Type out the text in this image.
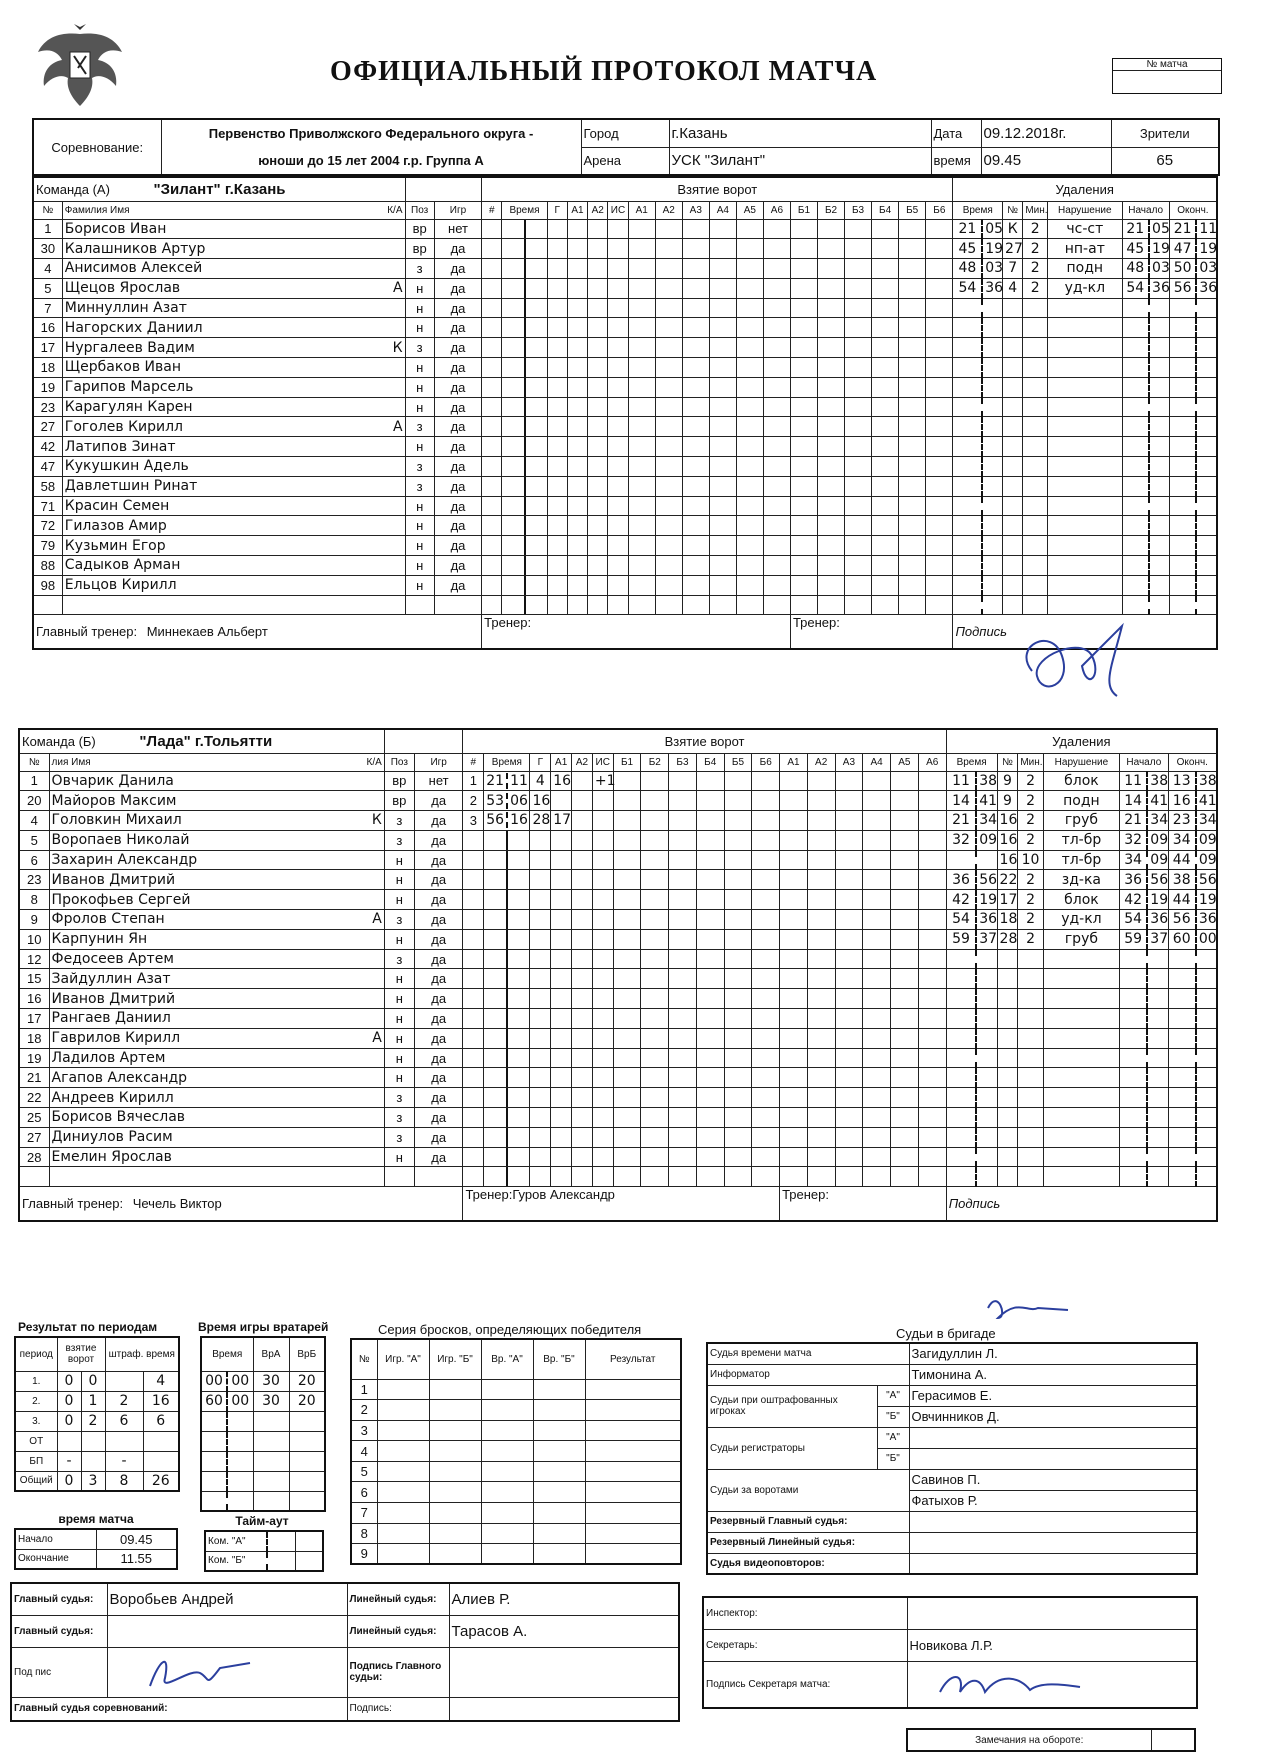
ОФИЦИАЛЬНЫЙ ПРОТОКОЛ МАТЧА	№ матча
Соревнование:	Первенство Приволжского Федерального округа -	Город	г.Казань	Дата	09.12.2018г.	Зрители
	юноши до 15 лет 2004 г.р. Группа А	Арена	УСК "Зилант"	время	09.45	65
Команда (А) "Зилант" г.Казань				Взятие ворот																		Удаления								
№	Фамилия Имя К/А	Поз	Игр	#	Время	Г	А1	А2	ИС	А1	А2	А3	А4	А5	А6	Б1	Б2	Б3	Б4	Б5	Б6	Время		№	Мин.	Нарушение	Начало		Оконч.	
1	Борисов Иван	вр	нет																			21	05	К	2	чс-ст	21	05	21	11
30	Калашников Артур	вр	да																			45	19	27	2	нп-ат	45	19	47	19
4	Анисимов Алексей	з	да																			48	03	7	2	подн	48	03	50	03
5	Щецов Ярослав А	н	да																			54	36	4	2	уд-кл	54	36	56	36
7	Миннуллин Азат	н	да																											
16	Нагорских Даниил	н	да																											
17	Нургалеев Вадим К	з	да																											
18	Щербаков Иван	н	да																											
19	Гарипов Марсель	н	да																											
23	Карагулян Карен	н	да																											
27	Гоголев Кирилл А	з	да																											
42	Латипов Зинат	н	да																											
47	Кукушкин Адель	з	да																											
58	Давлетшин Ринат	з	да																											
71	Красин Семен	н	да																											
72	Гилазов Амир	н	да																											
79	Кузьмин Егор	н	да																											
88	Садыков Арман	н	да																											
98	Ельцов Кирилл	н	да																											

Главный тренер: Миннекаев Альберт				Тренер:												Тренер:						Подпись								
Команда (Б) "Лада" г.Тольятти				Взятие ворот																		Удаления								
№	лия Имя К/А	Поз	Игр	#	Время	Г	А1	А2	ИС	Б1	Б2	Б3	Б4	Б5	Б6	А1	А2	А3	А4	А5	А6	Время		№	Мин.	Нарушение	Начало		Оконч.	
1	Овчарик Данила	вр	нет	1	21 11	4	16		+1													11	38	9	2	блок	11	38	13	38
20	Майоров Максим	вр	да	2	53 06	16																14	41	9	2	подн	14	41	16	41
4	Головкин Михаил К	з	да	3	56 16	28	17															21	34	16	2	груб	21	34	23	34
5	Воропаев Николай	з	да																			32	09	16	2	тл-бр	32	09	34	09
6	Захарин Александр	н	да																					16	10	тл-бр	34	09	44	09
23	Иванов Дмитрий	н	да																			36	56	22	2	зд-ка	36	56	38	56
8	Прокофьев Сергей	н	да																			42	19	17	2	блок	42	19	44	19
9	Фролов Степан А	з	да																			54	36	18	2	уд-кл	54	36	56	36
10	Карпунин Ян	н	да																			59	37	28	2	груб	59	37	60	00
12	Федосеев Артем	з	да																											
15	Зайдуллин Азат	н	да																											
16	Иванов Дмитрий	н	да																											
17	Рангаев Даниил	н	да																											
18	Гаврилов Кирилл А	н	да																											
19	Ладилов Артем	н	да																											
21	Агапов Александр	н	да																											
22	Андреев Кирилл	з	да																											
25	Борисов Вячеслав	з	да																											
27	Диниулов Расим	з	да																											
28	Емелин Ярослав	н	да																											

Главный тренер: Чечель Виктор				Тренер:Гуров Александр												Тренер:						Подпись								
Результат по периодам
период	взятие ворот		штраф. время	
1.	0	0		4
2.	0	1	2	16
3.	0	2	6	6
ОТ				
БП	-		-	
Общий	0	3	8	26
Время игры вратарей
Время		ВрА	ВрБ
00	00	30	20
60	00	30	20

время матча
Начало	09.45
Окончание	11.55
Тайм-аут
Ком. "А"		
Ком. "Б"		
Серия бросков, определяющих победителя
№	Игр. "А"	Игр. "Б"	Вр. "А"	Вр. "Б"	Результат
1					
2					
3					
4					
5					
6					
7					
8					
9					
Судьи в бригаде
Судья времени матча		Загидуллин Л.
Информатор		Тимонина А.
Судьи при оштрафованных игроках	"А"	Герасимов Е.
	"Б"	Овчинников Д.
Судьи регистраторы	"А"	
	"Б"	
Судьи за воротами		Савинов П.
		Фатыхов Р.
Резервный Главный судья:		
Резервный Линейный судья:		
Судья видеоповторов:		
Главный судья:	Воробьев Андрей	Линейный судья:	Алиев Р.
Главный судья:		Линейный судья:	Тарасов А.
Под пис		Подпись Главного судьи:	
Главный судья соревнований:		Подпись:	
Инспектор:	
Секретарь:	Новикова Л.Р.
Подпись Секретаря матча:	
Замечания на обороте:	
